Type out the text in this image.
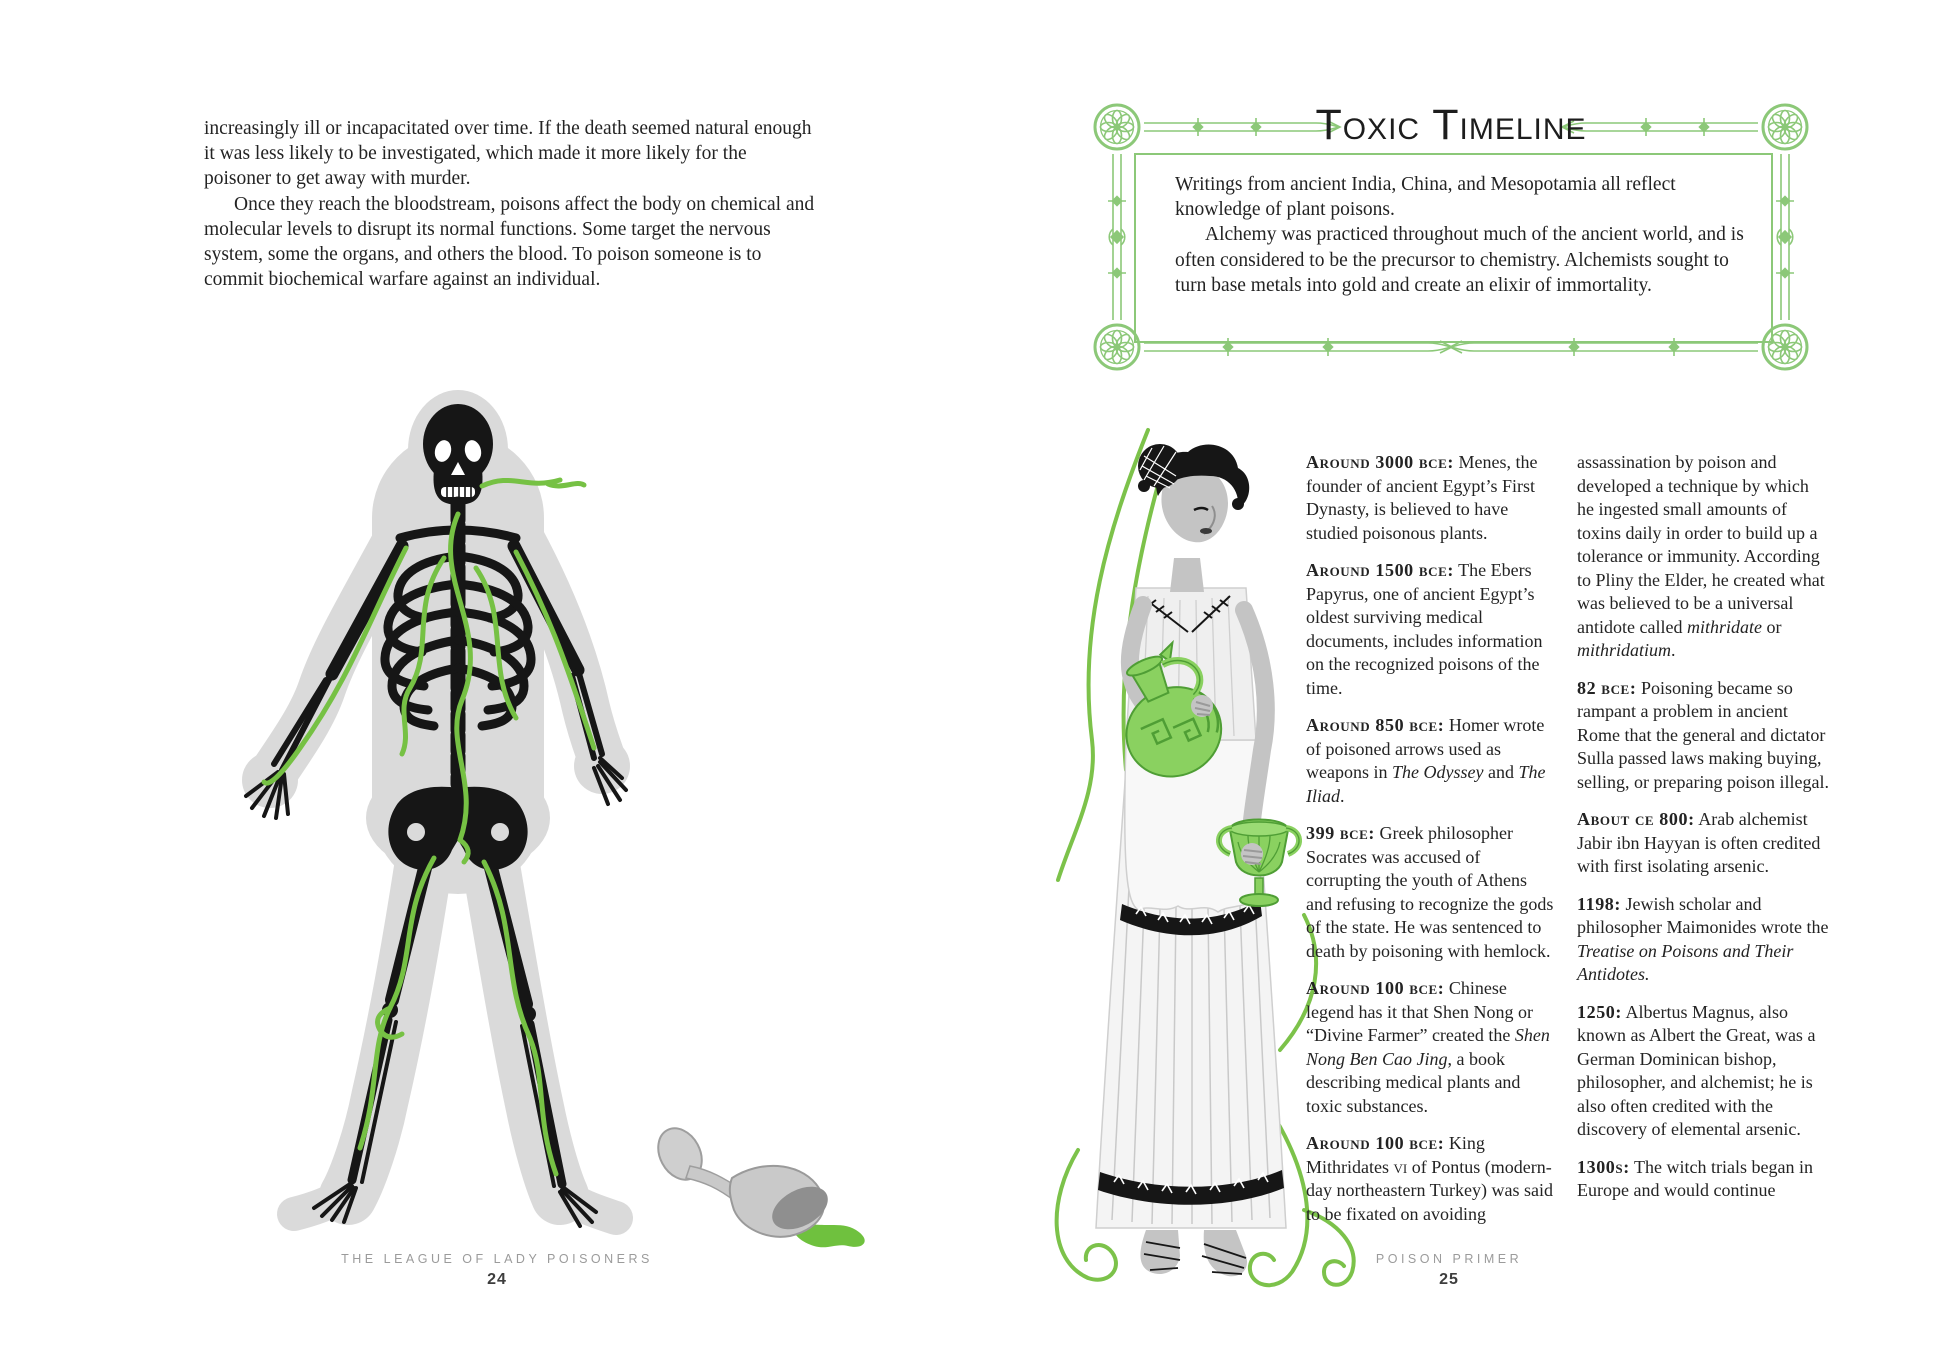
increasingly ill or incapacitated over time. If the death seemed natural enough it was less likely to be investigated, which made it more likely for the poisoner to get away with murder.

Once they reach the bloodstream, poisons affect the body on chemical and molecular levels to disrupt its normal functions. Some target the nervous system, some the organs, and others the blood. To poison someone is to commit biochemical warfare against an individual.

THE LEAGUE OF LADY POISONERS
24
Toxic Timeline

Writings from ancient India, China, and Mesopotamia all reflect knowledge of plant poisons.

Alchemy was practiced throughout much of the ancient world, and is often considered to be the precursor to chemistry. Alchemists sought to turn base metals into gold and create an elixir of immortality.

Around 3000 bce: Menes, the founder of ancient Egypt’s First Dynasty, is believed to have studied poisonous plants.
Around 1500 bce: The Ebers Papyrus, one of ancient Egypt’s oldest surviving medical documents, includes information on the recognized poisons of the time.
Around 850 bce: Homer wrote of poisoned arrows used as weapons in The Odyssey and The Iliad.
399 bce: Greek philosopher Socrates was accused of corrupting the youth of Athens and refusing to recognize the gods of the state. He was sentenced to death by poisoning with hemlock.
Around 100 bce: Chinese legend has it that Shen Nong or “Divine Farmer” created the Shen Nong Ben Cao Jing, a book describing medical plants and toxic substances.
Around 100 bce: King Mithridates vi of Pontus (modern-day northeastern Turkey) was said to be fixated on avoiding
assassination by poison and developed a technique by which he ingested small amounts of toxins daily in order to build up a tolerance or immunity. According to Pliny the Elder, he created what was believed to be a universal antidote called mithridate or mithridatium.
82 bce: Poisoning became so rampant a problem in ancient Rome that the general and dictator Sulla passed laws making buying, selling, or preparing poison illegal.
About ce 800: Arab alchemist Jabir ibn Hayyan is often credited with first isolating arsenic.
1198: Jewish scholar and philosopher Maimonides wrote the Treatise on Poisons and Their Antidotes.
1250: Albertus Magnus, also known as Albert the Great, was a German Dominican bishop, philosopher, and alchemist; he is also often credited with the discovery of elemental arsenic.
1300s: The witch trials began in Europe and would continue
POISON PRIMER
25
